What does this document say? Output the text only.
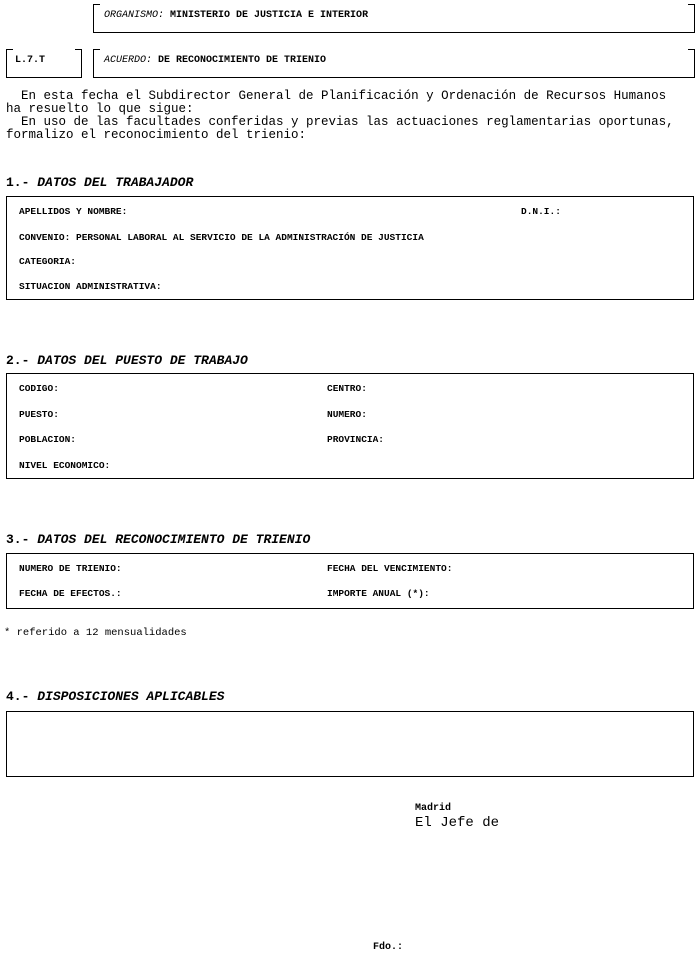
ORGANISMO: MINISTERIO DE JUSTICIA E INTERIOR
L.7.T	ACUERDO: DE RECONOCIMIENTO DE TRIENIO
En esta fecha el Subdirector General de Planificación y Ordenación de Recursos Humanos
ha resuelto lo que sigue:
En uso de las facultades conferidas y previas las actuaciones reglamentarias oportunas,
formalizo el reconocimiento del trienio:
1.- DATOS DEL TRABAJADOR
APELLIDOS Y NOMBRE:	D.N.I.:
CONVENIO: PERSONAL LABORAL AL SERVICIO DE LA ADMINISTRACIÓN DE JUSTICIA
CATEGORIA:
SITUACION ADMINISTRATIVA:
2.- DATOS DEL PUESTO DE TRABAJO
CODIGO:	CENTRO:
PUESTO:	NUMERO:
POBLACION:	PROVINCIA:
NIVEL ECONOMICO:
3.- DATOS DEL RECONOCIMIENTO DE TRIENIO
NUMERO DE TRIENIO:	FECHA DEL VENCIMIENTO:
FECHA DE EFECTOS.:	IMPORTE ANUAL (*):
* referido a 12 mensualidades
4.- DISPOSICIONES APLICABLES
Madrid
El Jefe de
Fdo.:
